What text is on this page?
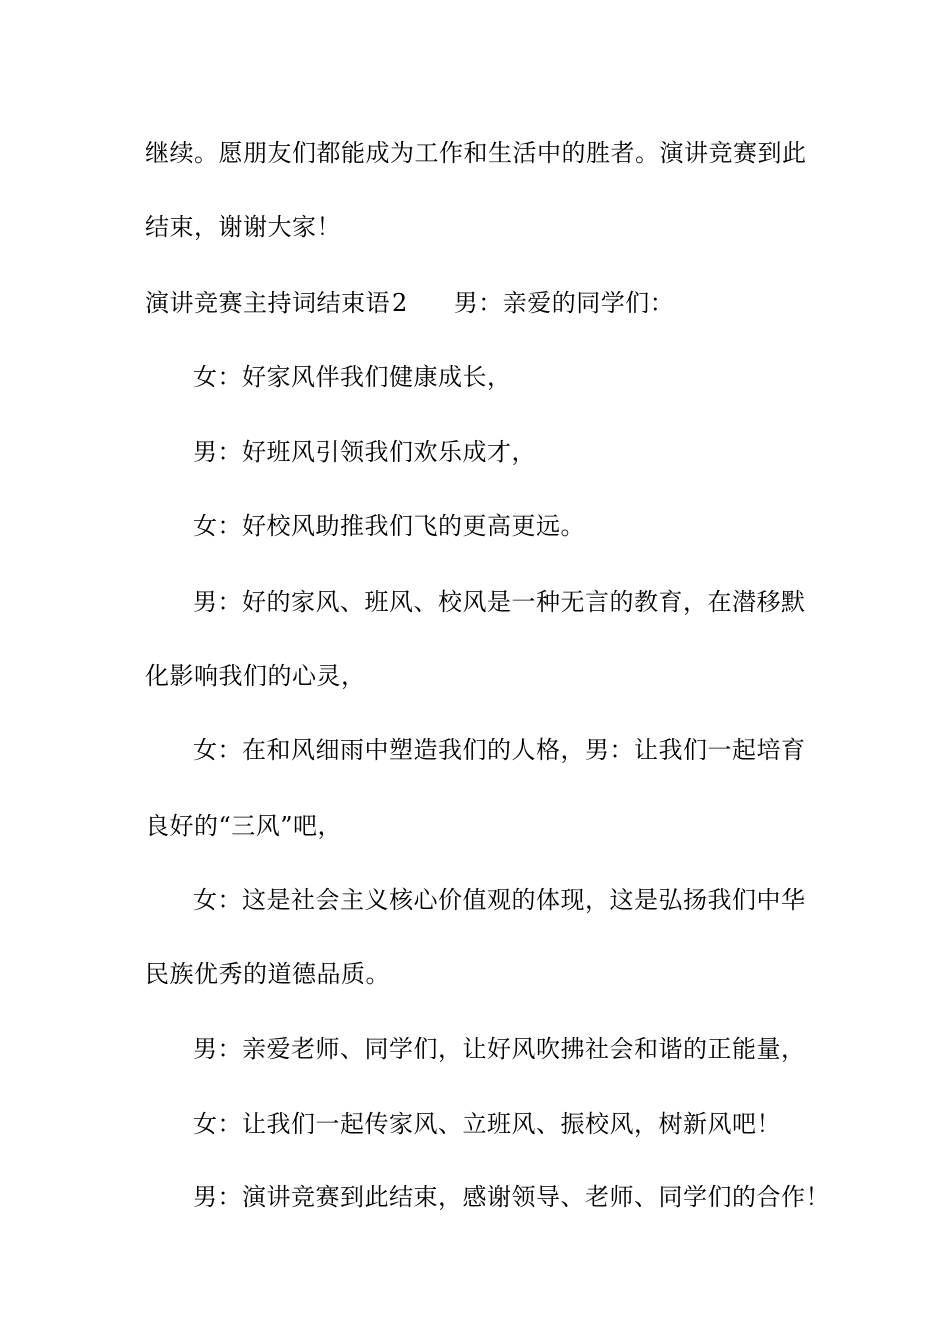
继续。愿朋友们都能成为工作和生活中的胜者。演讲竞赛到此
结束，谢谢大家！
演讲竞赛主持词结束语2 男：亲爱的同学们：
女：好家风伴我们健康成长，
男：好班风引领我们欢乐成才，
女：好校风助推我们飞的更高更远。
男：好的家风、班风、校风是一种无言的教育，在潜移默
化影响我们的心灵，
女：在和风细雨中塑造我们的人格，男：让我们一起培育
良好的“三风”吧，
女：这是社会主义核心价值观的体现，这是弘扬我们中华
民族优秀的道德品质。
男：亲爱老师、同学们，让好风吹拂社会和谐的正能量，
女：让我们一起传家风、立班风、振校风，树新风吧！
男：演讲竞赛到此结束，感谢领导、老师、同学们的合作！
